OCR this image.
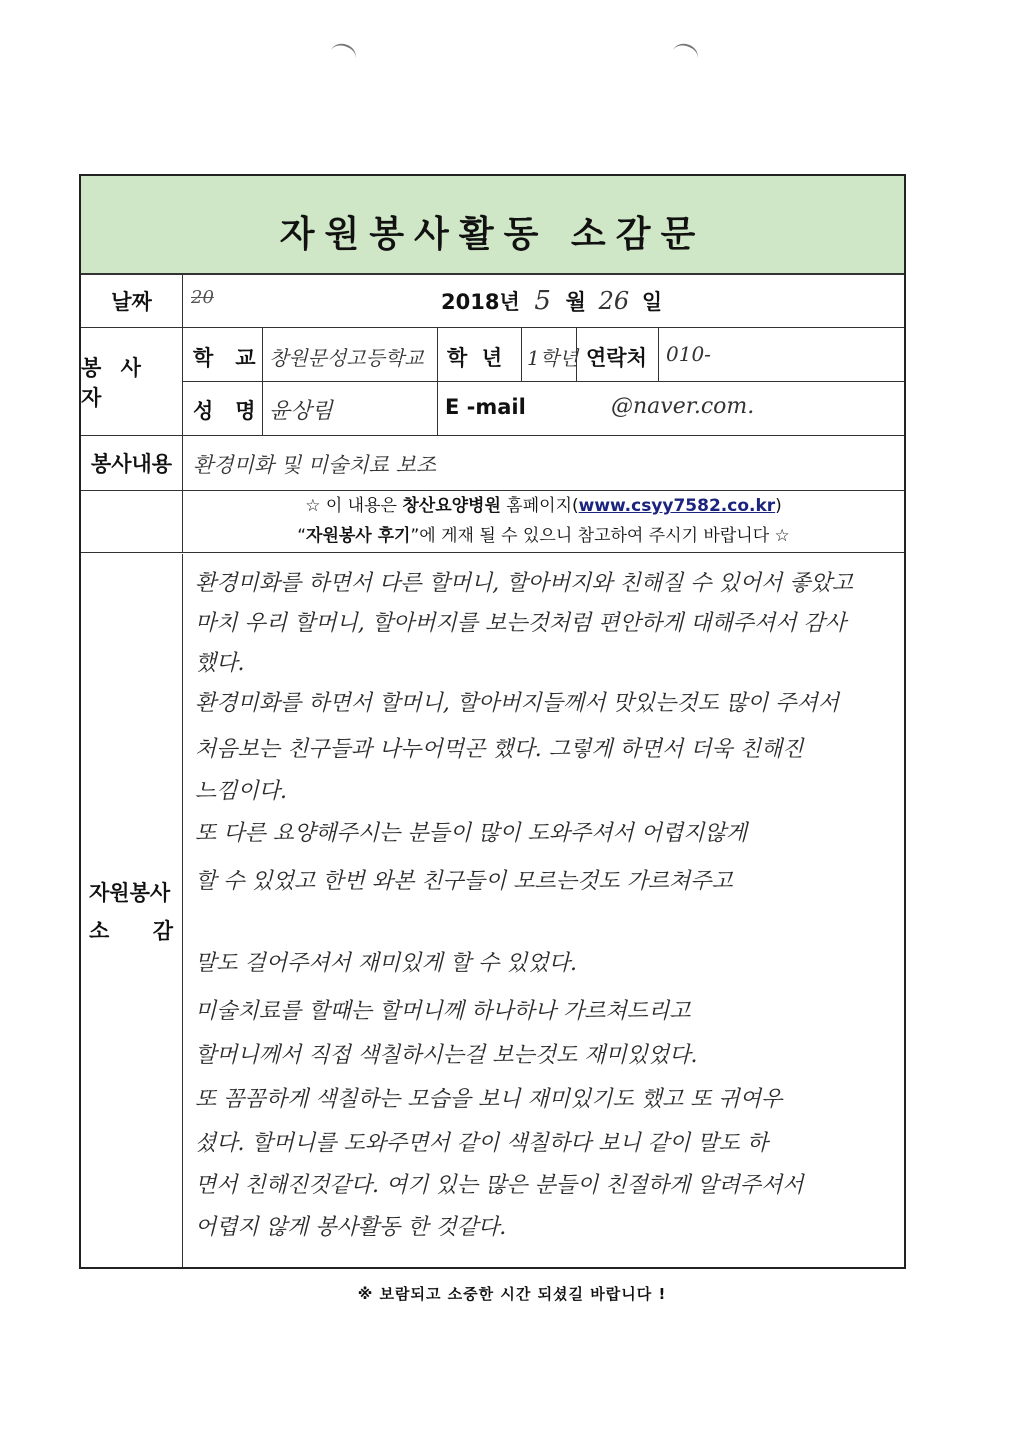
자원봉사활동 소감문
날짜	20	2018년 5 월 26 일
봉 사 자
학   교 창원문성고등학교 학  년 1학년 연락처 010-
성   명 윤상림	E -mail	@naver.com.
봉사내용 환경미화 및 미술치료 보조
☆ 이 내용은 창산요양병원 홈페이지(www.csyy7582.co.kr)
“자원봉사 후기”에 게재 될 수 있으니 참고하여 주시기 바랍니다 ☆
자원봉사
소 감
환경미화를 하면서 다른 할머니, 할아버지와 친해질 수 있어서 좋았고
마치 우리 할머니, 할아버지를 보는것처럼 편안하게 대해주셔서 감사
했다.
환경미화를 하면서 할머니, 할아버지들께서 맛있는것도 많이 주셔서
처음보는 친구들과 나누어먹곤 했다. 그렇게 하면서 더욱 친해진
느낌이다.
또 다른 요양해주시는 분들이 많이 도와주셔서 어렵지않게
할 수 있었고 한번 와본 친구들이 모르는것도 가르쳐주고
말도 걸어주셔서 재미있게 할 수 있었다.
미술치료를 할때는 할머니께 하나하나 가르쳐드리고
할머니께서 직접 색칠하시는걸 보는것도 재미있었다.
또 꼼꼼하게 색칠하는 모습을 보니 재미있기도 했고 또 귀여우
셨다. 할머니를 도와주면서 같이 색칠하다 보니 같이 말도 하
면서 친해진것같다. 여기 있는 많은 분들이 친절하게 알려주셔서
어렵지 않게 봉사활동 한 것같다.
※ 보람되고 소중한 시간 되셨길 바랍니다 !
